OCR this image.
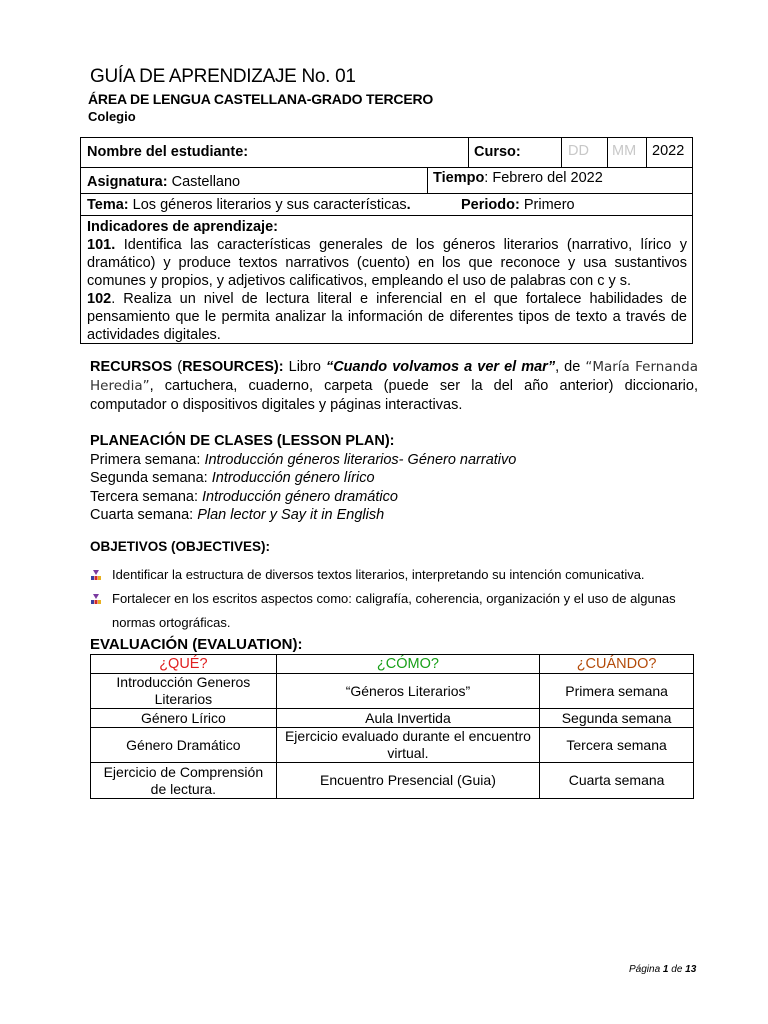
GUÍA DE APRENDIZAJE No. 01
ÁREA DE LENGUA CASTELLANA-GRADO TERCERO
Colegio
Nombre del estudiante:	Curso:	DD MM 2022
Asignatura: Castellano	Tiempo: Febrero del 2022
Tema: Los géneros literarios y sus características.	Periodo: Primero

Indicadores de aprendizaje:

101. Identifica las características generales de los géneros literarios (narrativo, lírico y dramático) y produce textos narrativos (cuento) en los que reconoce y usa sustantivos comunes y propios, y adjetivos calificativos, empleando el uso de palabras con c y s.

102. Realiza un nivel de lectura literal e inferencial en el que fortalece habilidades de pensamiento que le permita analizar la información de diferentes tipos de texto a través de actividades digitales.

RECURSOS (RESOURCES): Libro “Cuando volvamos a ver el mar”, de “María Fernanda Heredia”, cartuchera, cuaderno, carpeta (puede ser la del año anterior) diccionario, computador o dispositivos digitales y páginas interactivas.
PLANEACIÓN DE CLASES (LESSON PLAN):
Primera semana: Introducción géneros literarios- Género narrativo
Segunda semana: Introducción género lírico
Tercera semana: Introducción género dramático
Cuarta semana: Plan lector y Say it in English
OBJETIVOS (OBJECTIVES):
Identificar la estructura de diversos textos literarios, interpretando su intención comunicativa.
Fortalecer en los escritos aspectos como: caligrafía, coherencia, organización y el uso de algunas normas ortográficas.
EVALUACIÓN (EVALUATION):
¿QUÉ?	¿CÓMO?	¿CUÁNDO?
Introducción Generos Literarios	“Géneros Literarios”	Primera semana
Género Lírico	Aula Invertida	Segunda semana
Género Dramático	Ejercicio evaluado durante el encuentro virtual.	Tercera semana
Ejercicio de Comprensión de lectura.	Encuentro Presencial (Guia)	Cuarta semana
Página 1 de 13
